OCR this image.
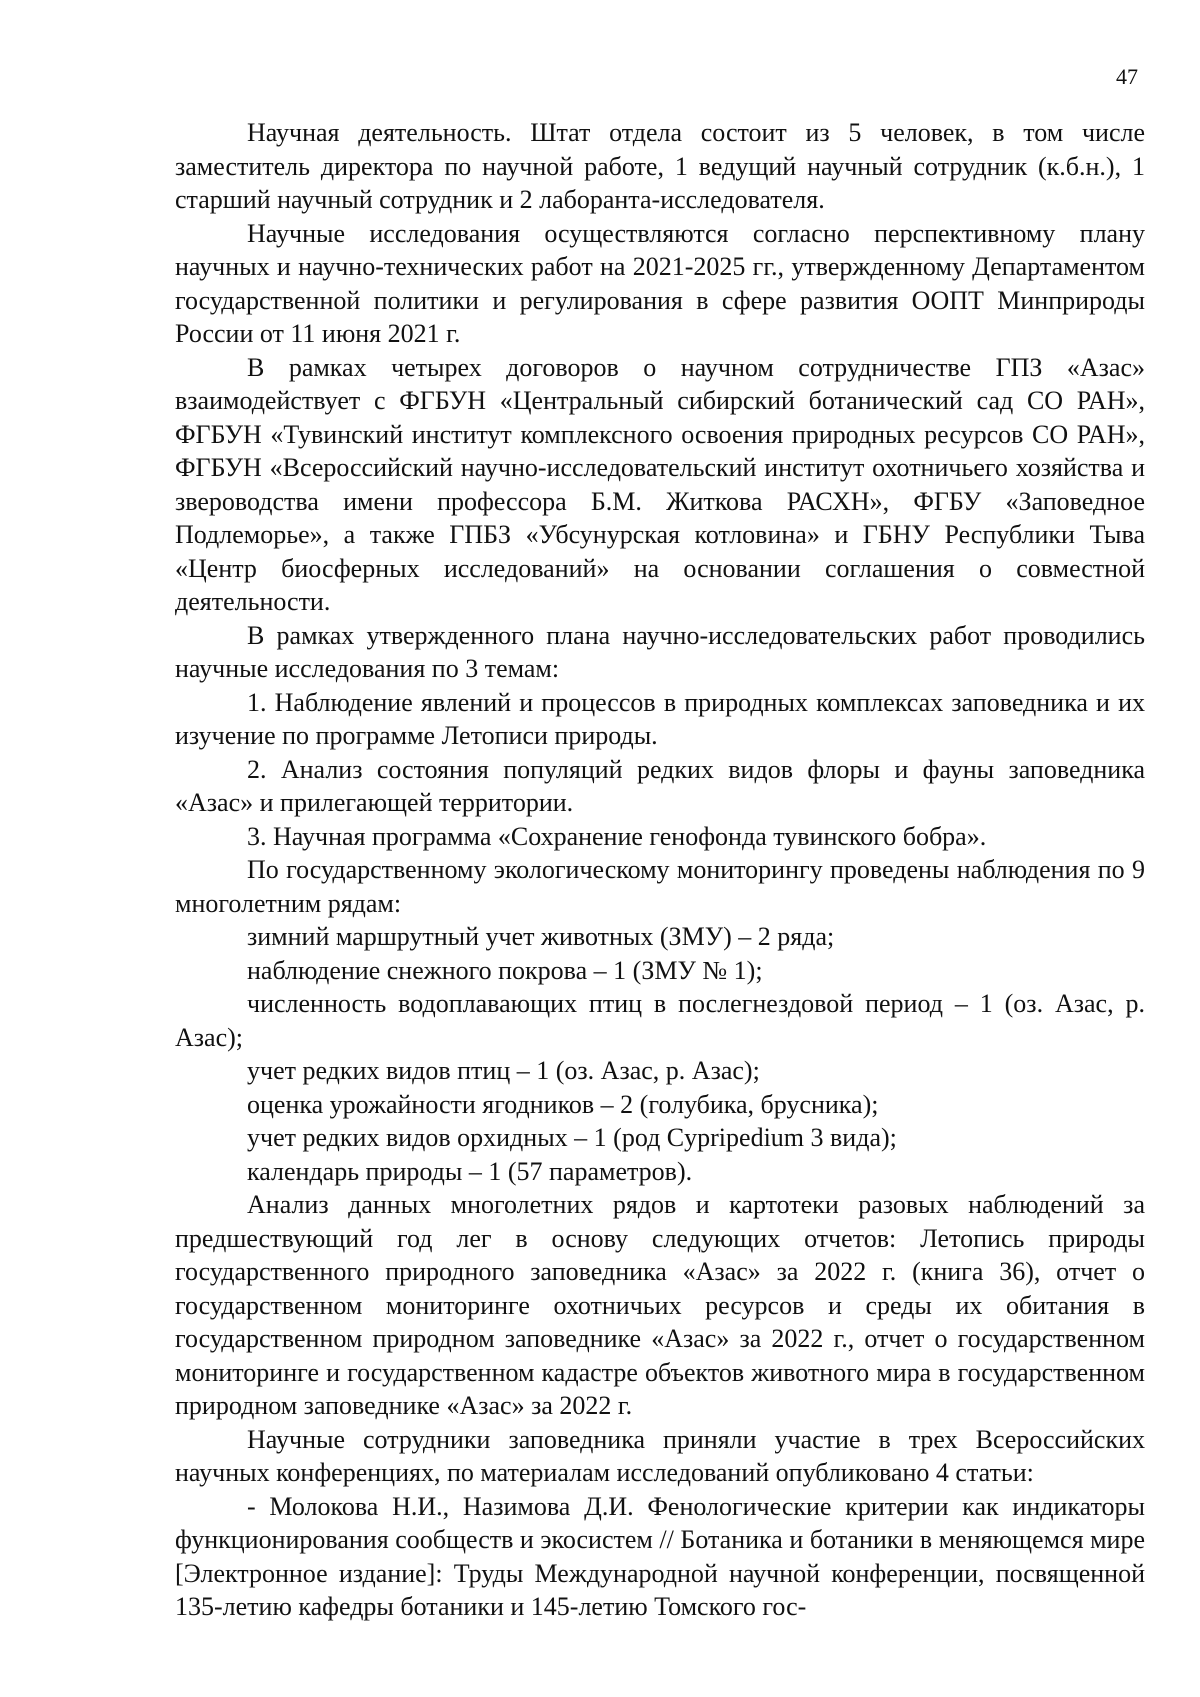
47

Научная деятельность. Штат отдела состоит из 5 человек, в том числе заместитель директора по научной работе, 1 ведущий научный сотрудник (к.б.н.), 1 старший научный сотрудник и 2 лаборанта-исследователя.

Научные исследования осуществляются согласно перспективному плану научных и научно-технических работ на 2021-2025 гг., утвержденному Департаментом государственной политики и регулирования в сфере развития ООПТ Минприроды России от 11 июня 2021 г.

В рамках четырех договоров о научном сотрудничестве ГПЗ «Азас» взаимодействует с ФГБУН «Центральный сибирский ботанический сад СО РАН», ФГБУН «Тувинский институт комплексного освоения природных ресурсов СО РАН», ФГБУН «Всероссийский научно-исследовательский институт охотничьего хозяйства и звероводства имени профессора Б.М. Житкова РАСХН», ФГБУ «Заповедное Подлеморье», а также ГПБЗ «Убсунурская котловина» и ГБНУ Республики Тыва «Центр биосферных исследований» на основании соглашения о совместной деятельности.

В рамках утвержденного плана научно-исследовательских работ проводились научные исследования по 3 темам:

1. Наблюдение явлений и процессов в природных комплексах заповедника и их изучение по программе Летописи природы.

2. Анализ состояния популяций редких видов флоры и фауны заповедника «Азас» и прилегающей территории.

3. Научная программа «Сохранение генофонда тувинского бобра».

По государственному экологическому мониторингу проведены наблюдения по 9 многолетним рядам:

зимний маршрутный учет животных (ЗМУ) – 2 ряда;

наблюдение снежного покрова – 1 (ЗМУ № 1);

численность водоплавающих птиц в послегнездовой период – 1 (оз. Азас, р. Азас);

учет редких видов птиц – 1 (оз. Азас, р. Азас);

оценка урожайности ягодников – 2 (голубика, брусника);

учет редких видов орхидных – 1 (род Cypripedium 3 вида);

календарь природы – 1 (57 параметров).

Анализ данных многолетних рядов и картотеки разовых наблюдений за предшествующий год лег в основу следующих отчетов: Летопись природы государственного природного заповедника «Азас» за 2022 г. (книга 36), отчет о государственном мониторинге охотничьих ресурсов и среды их обитания в государственном природном заповеднике «Азас» за 2022 г., отчет о государственном мониторинге и государственном кадастре объектов животного мира в государственном природном заповеднике «Азас» за 2022 г.

Научные сотрудники заповедника приняли участие в трех Всероссийских научных конференциях, по материалам исследований опубликовано 4 статьи:

- Молокова Н.И., Назимова Д.И. Фенологические критерии как индикаторы функционирования сообществ и экосистем // Ботаника и ботаники в меняющемся мире [Электронное издание]: Труды Международной научной конференции, посвященной 135-летию кафедры ботаники и 145-летию Томского гос-
